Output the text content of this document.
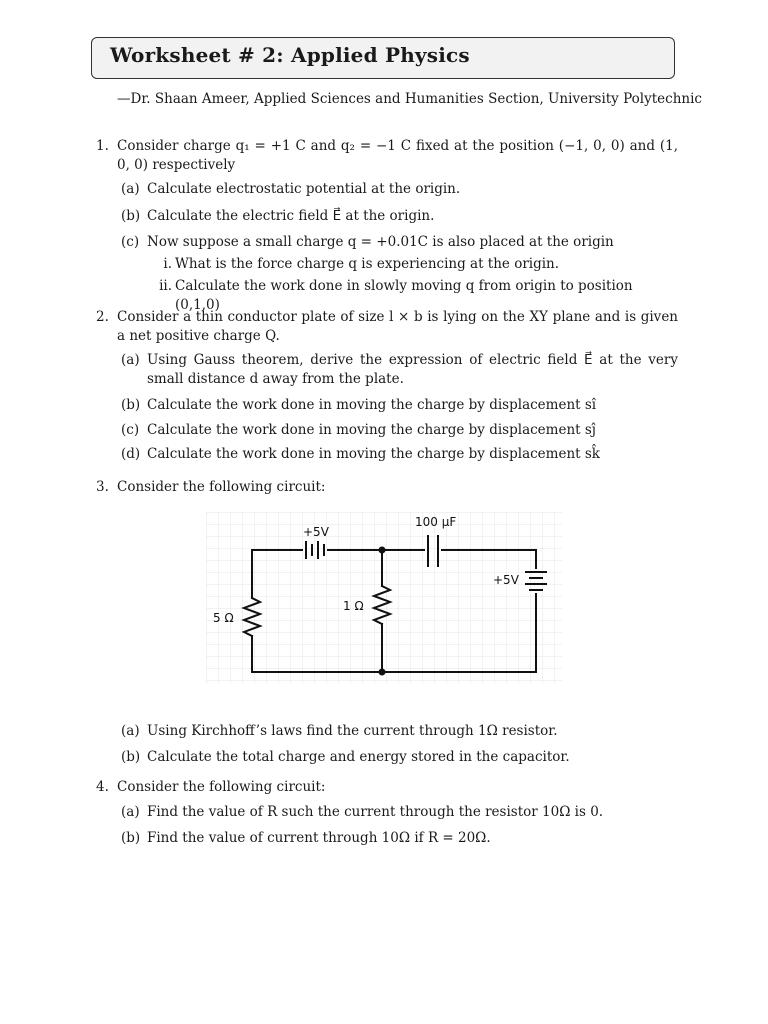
Worksheet # 2: Applied Physics
—Dr. Shaan Ameer, Applied Sciences and Humanities Section, University Polytechnic
1. Consider charge q₁ = +1 C and q₂ = −1 C fixed at the position (−1, 0, 0) and (1, 0, 0) respectively
(a) Calculate electrostatic potential at the origin.
(b) Calculate the electric field E⃗ at the origin.
(c) Now suppose a small charge q = +0.01C is also placed at the origin
i. What is the force charge q is experiencing at the origin.
ii. Calculate the work done in slowly moving q from origin to position (0,1,0)
2. Consider a thin conductor plate of size l × b is lying on the XY plane and is given a net positive charge Q.
(a) Using Gauss theorem, derive the expression of electric field E⃗ at the very small distance d away from the plate.
(b) Calculate the work done in moving the charge by displacement sî
(c) Calculate the work done in moving the charge by displacement sĵ
(d) Calculate the work done in moving the charge by displacement sk̂
3. Consider the following circuit:
+5V
100 μF
+5V
5 Ω
1 Ω
(a) Using Kirchhoff’s laws find the current through 1Ω resistor.
(b) Calculate the total charge and energy stored in the capacitor.
4. Consider the following circuit:
(a) Find the value of R such the current through the resistor 10Ω is 0.
(b) Find the value of current through 10Ω if R = 20Ω.
